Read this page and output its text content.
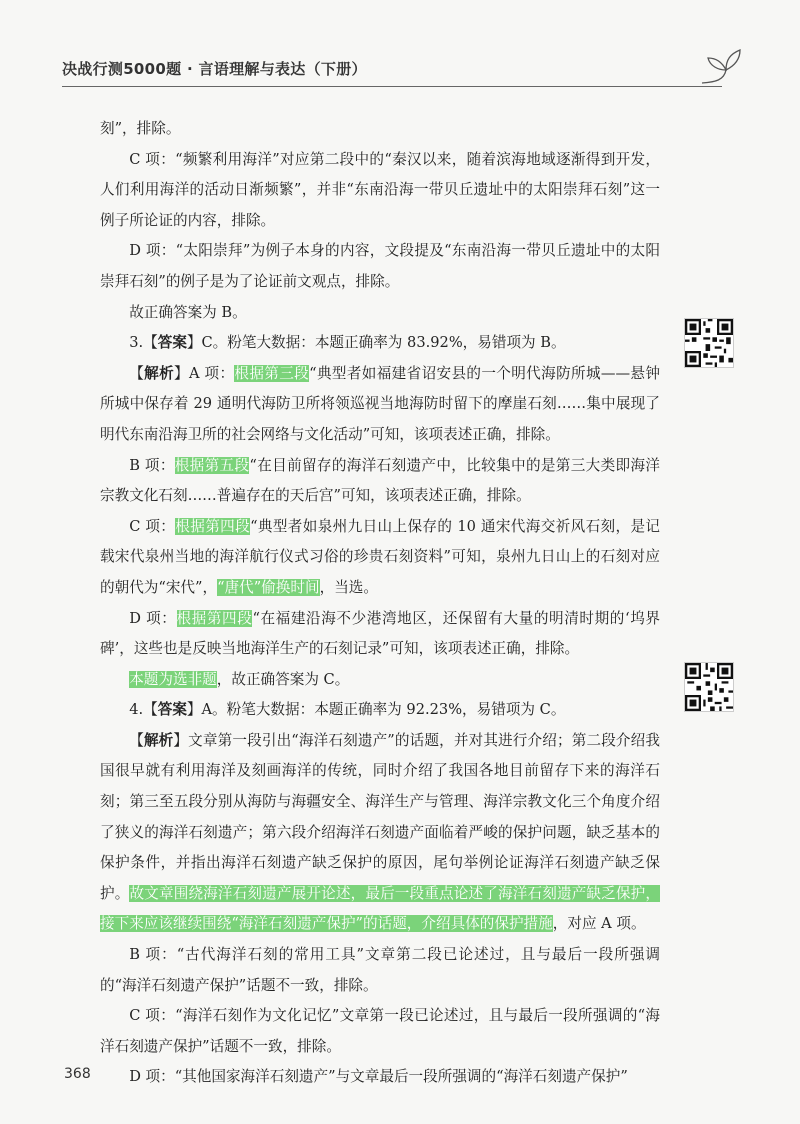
决战行测5000题 · 言语理解与表达（下册）

刻”，排除。

C 项：“频繁利用海洋”对应第二段中的“秦汉以来，随着滨海地域逐渐得到开发，人们利用海洋的活动日渐频繁”，并非“东南沿海一带贝丘遗址中的太阳崇拜石刻”这一例子所论证的内容，排除。

D 项：“太阳崇拜”为例子本身的内容，文段提及“东南沿海一带贝丘遗址中的太阳崇拜石刻”的例子是为了论证前文观点，排除。

故正确答案为 B。

3.【答案】C。粉笔大数据：本题正确率为 83.92%，易错项为 B。

【解析】A 项：根据第三段“典型者如福建省诏安县的一个明代海防所城——悬钟所城中保存着 29 通明代海防卫所将领巡视当地海防时留下的摩崖石刻……集中展现了明代东南沿海卫所的社会网络与文化活动”可知，该项表述正确，排除。

B 项：根据第五段“在目前留存的海洋石刻遗产中，比较集中的是第三大类即海洋宗教文化石刻……普遍存在的天后宫”可知，该项表述正确，排除。

C 项：根据第四段“典型者如泉州九日山上保存的 10 通宋代海交祈风石刻，是记载宋代泉州当地的海洋航行仪式习俗的珍贵石刻资料”可知，泉州九日山上的石刻对应的朝代为“宋代”，“唐代”偷换时间，当选。

D 项：根据第四段“在福建沿海不少港湾地区，还保留有大量的明清时期的‘坞界碑’，这些也是反映当地海洋生产的石刻记录”可知，该项表述正确，排除。

本题为选非题，故正确答案为 C。

4.【答案】A。粉笔大数据：本题正确率为 92.23%，易错项为 C。

【解析】文章第一段引出“海洋石刻遗产”的话题，并对其进行介绍；第二段介绍我国很早就有利用海洋及刻画海洋的传统，同时介绍了我国各地目前留存下来的海洋石刻；第三至五段分别从海防与海疆安全、海洋生产与管理、海洋宗教文化三个角度介绍了狭义的海洋石刻遗产；第六段介绍海洋石刻遗产面临着严峻的保护问题，缺乏基本的保护条件，并指出海洋石刻遗产缺乏保护的原因，尾句举例论证海洋石刻遗产缺乏保护。故文章围绕海洋石刻遗产展开论述，最后一段重点论述了海洋石刻遗产缺乏保护，接下来应该继续围绕“海洋石刻遗产保护”的话题，介绍具体的保护措施，对应 A 项。

B 项：“古代海洋石刻的常用工具”文章第二段已论述过，且与最后一段所强调的“海洋石刻遗产保护”话题不一致，排除。

C 项：“海洋石刻作为文化记忆”文章第一段已论述过，且与最后一段所强调的“海洋石刻遗产保护”话题不一致，排除。

D 项：“其他国家海洋石刻遗产”与文章最后一段所强调的“海洋石刻遗产保护”

368
